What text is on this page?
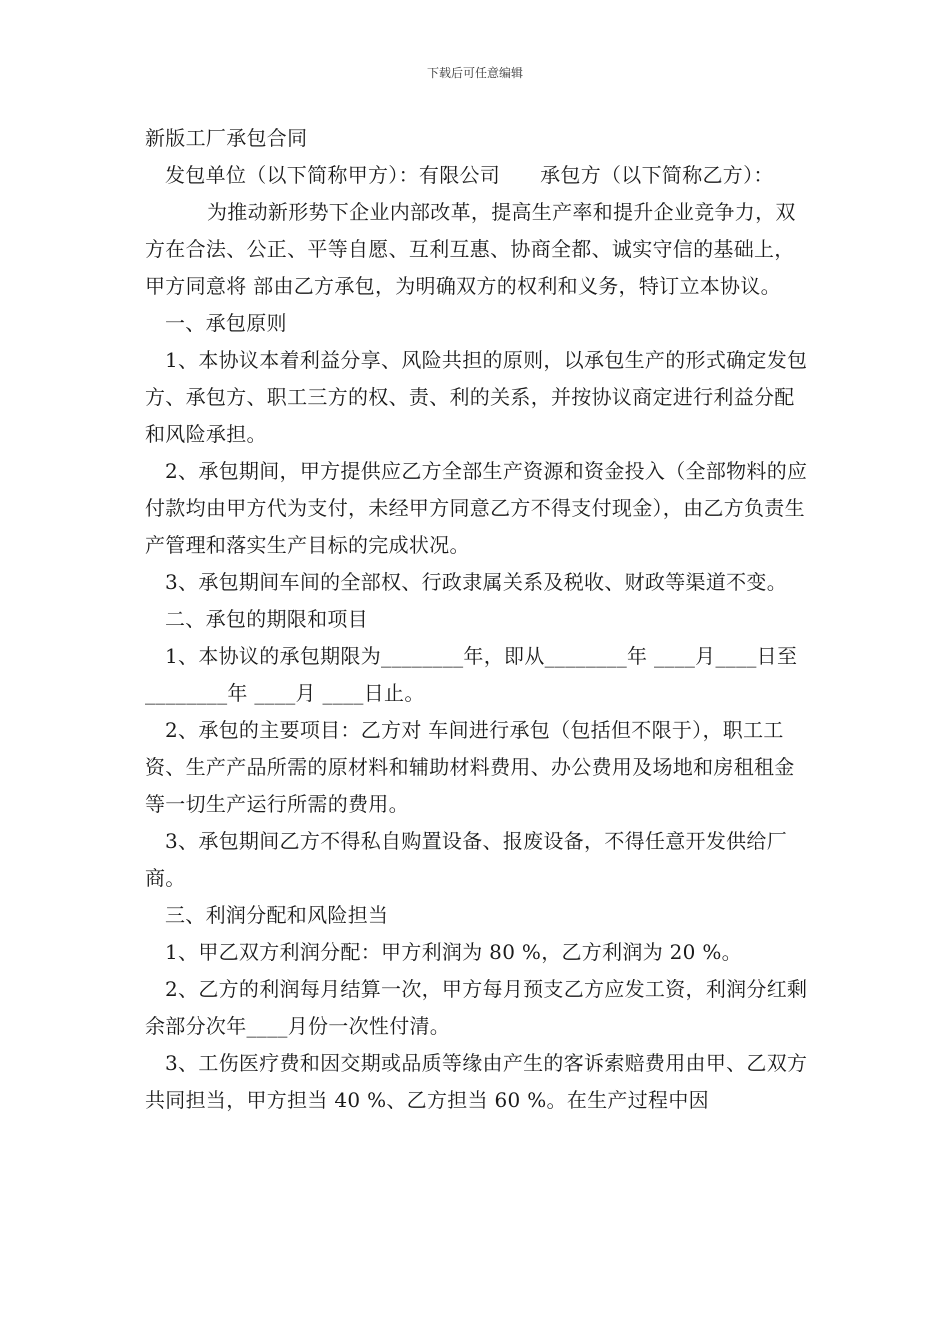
下载后可任意编辑

新版工厂承包合同

发包单位（以下简称甲方）：有限公司 承包方（以下简称乙方）：为推动新形势下企业内部改革，提高生产率和提升企业竞争力，双方在合法、公正、平等自愿、互利互惠、协商全都、诚实守信的基础上，甲方同意将 部由乙方承包，为明确双方的权利和义务，特订立本协议。

一、承包原则

1、本协议本着利益分享、风险共担的原则，以承包生产的形式确定发包方、承包方、职工三方的权、责、利的关系，并按协议商定进行利益分配和风险承担。

2、承包期间，甲方提供应乙方全部生产资源和资金投入（全部物料的应付款均由甲方代为支付，未经甲方同意乙方不得支付现金），由乙方负责生产管理和落实生产目标的完成状况。

3、承包期间车间的全部权、行政隶属关系及税收、财政等渠道不变。

二、承包的期限和项目

1、本协议的承包期限为________年，即从________年 ____月____日至________年 ____月 ____日止。

2、承包的主要项目：乙方对 车间进行承包（包括但不限于），职工工资、生产产品所需的原材料和辅助材料费用、办公费用及场地和房租租金等一切生产运行所需的费用。

3、承包期间乙方不得私自购置设备、报废设备，不得任意开发供给厂商。

三、利润分配和风险担当

1、甲乙双方利润分配：甲方利润为 80 %，乙方利润为 20 %。

2、乙方的利润每月结算一次，甲方每月预支乙方应发工资，利润分红剩余部分次年____月份一次性付清。

3、工伤医疗费和因交期或品质等缘由产生的客诉索赔费用由甲、乙双方共同担当，甲方担当 40 %、乙方担当 60 %。在生产过程中因
